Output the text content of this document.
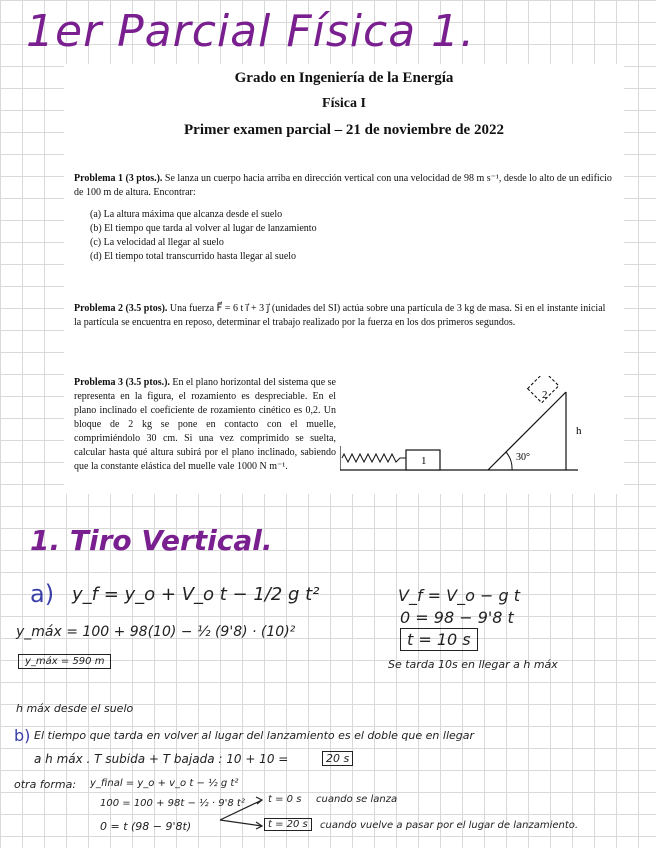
1er Parcial Física 1.
Grado en Ingeniería de la Energía
Física I
Primer examen parcial – 21 de noviembre de 2022
Problema 1 (3 ptos.). Se lanza un cuerpo hacia arriba en dirección vertical con una velocidad de 98 m s⁻¹, desde lo alto de un edificio de 100 m de altura. Encontrar:
(a) La altura máxima que alcanza desde el suelo
(b) El tiempo que tarda al volver al lugar de lanzamiento
(c) La velocidad al llegar al suelo
(d) El tiempo total transcurrido hasta llegar al suelo
Problema 2 (3.5 ptos). Una fuerza F⃗ = 6 t i⃗ + 3 j⃗ (unidades del SI) actúa sobre una partícula de 3 kg de masa. Si en el instante inicial la partícula se encuentra en reposo, determinar el trabajo realizado por la fuerza en los dos primeros segundos.
Problema 3 (3.5 ptos.). En el plano horizontal del sistema que se representa en la figura, el rozamiento es despreciable. En el plano inclinado el coeficiente de rozamiento cinético es 0,2. Un bloque de 2 kg se pone en contacto con el muelle, comprimiéndolo 30 cm. Si una vez comprimido se suelta, calcular hasta qué altura subirá por el plano inclinado, sabiendo que la constante elástica del muelle vale 1000 N m⁻¹.	1	30°
2
h
1. Tiro Vertical.
a) y_f = y_o + V_o t − 1/2 g t²	V_f = V_o − g t
0 = 98 − 9'8 t
t = 10 s
Se tarda 10s en llegar a h máx
y_máx = 100 + 98(10) − ½ (9'8) · (10)²
y_máx = 590 m
h máx desde el suelo
b) El tiempo que tarda en volver al lugar del lanzamiento es el doble que en llegar
a h máx . T subida + T bajada : 10 + 10 =	20 s
otra forma: y_final = y_o + v_o t − ½ g t²
100 = 100 + 98t − ½ · 9'8 t²
0 = t (98 − 9'8t)
t = 0 s cuando se lanza
t = 20 s	cuando vuelve a pasar por el lugar de lanzamiento.
